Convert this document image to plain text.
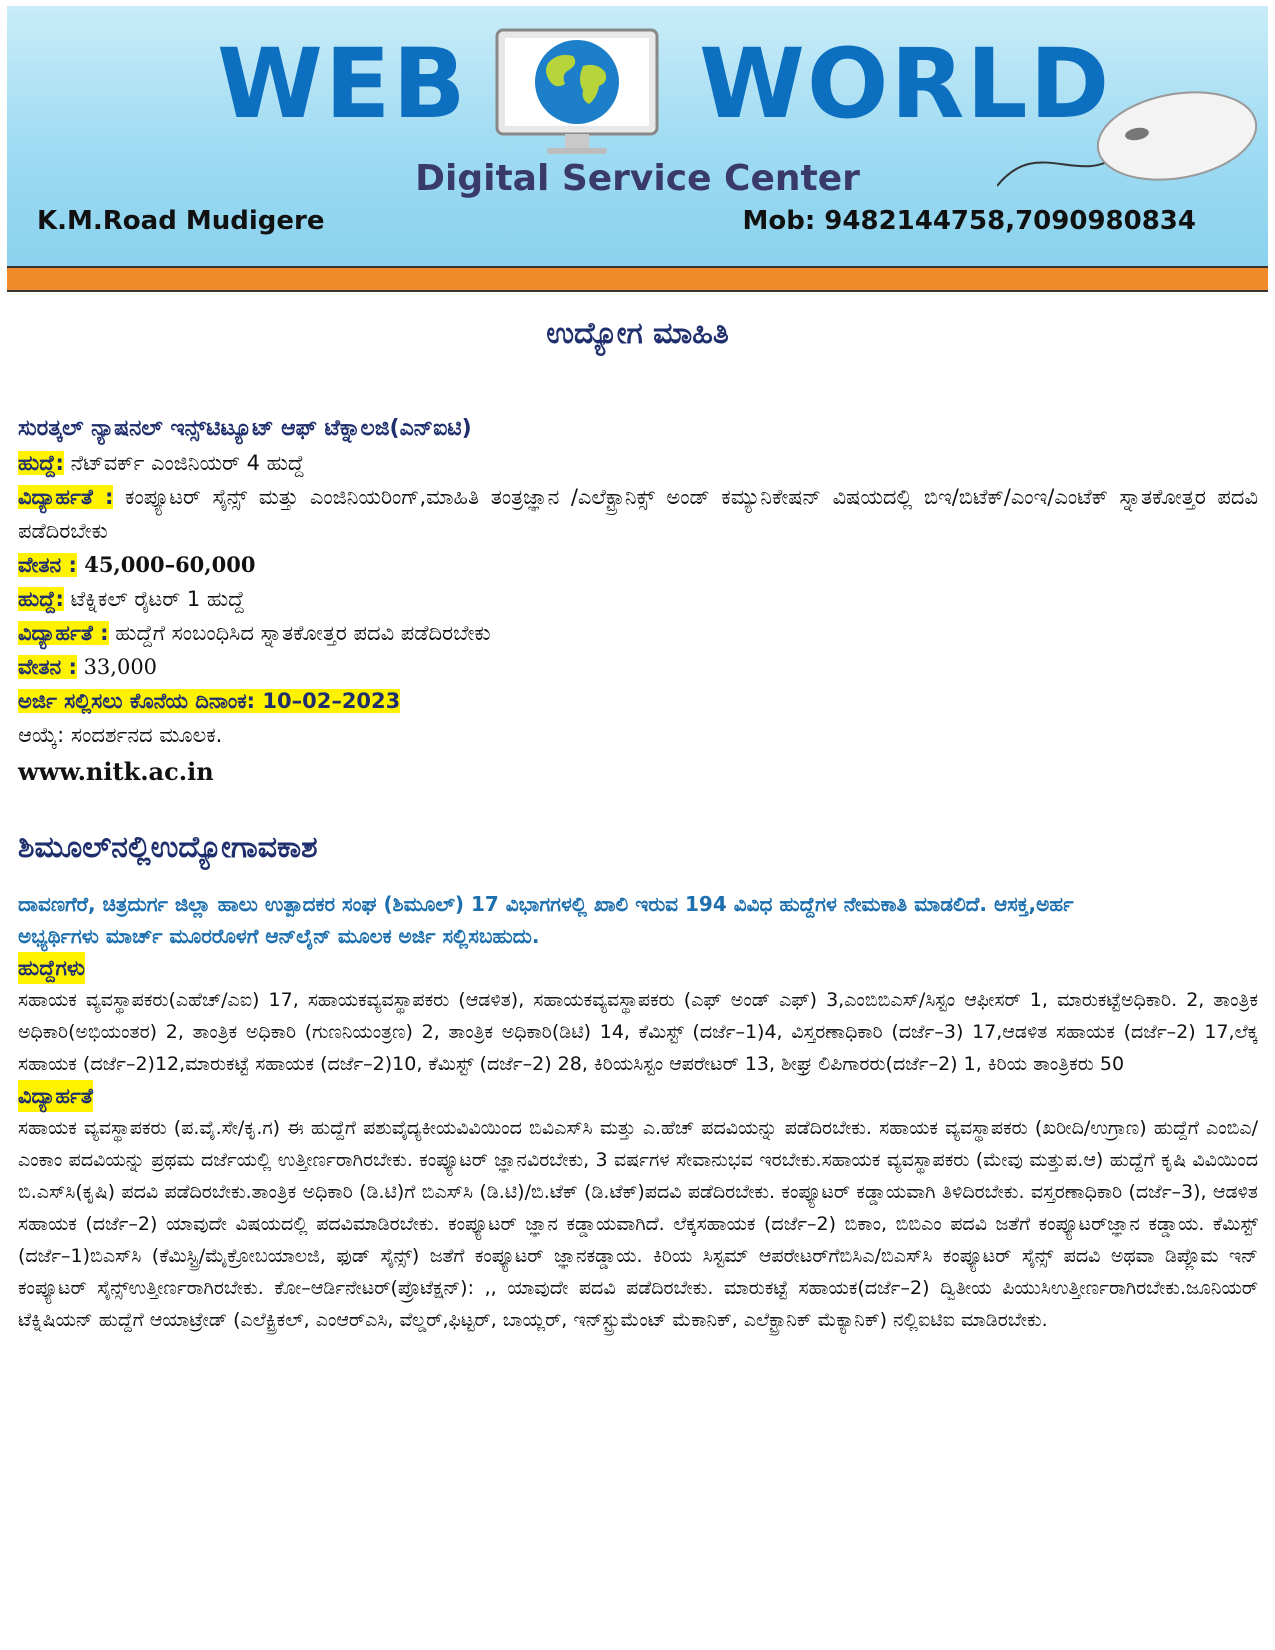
WEB WORLD
Digital Service Center
K.M.Road Mudigere	Mob: 9482144758,7090980834
ಉದ್ಯೋಗ ಮಾಹಿತಿ
ಸುರತ್ಕಲ್ ನ್ಯಾಷನಲ್ ಇನ್ಸ್‌ಟಿಟ್ಯೂಟ್ ಆಫ್ ಟೆಕ್ನಾಲಜಿ(ಎನ್‌ಐಟಿ)
ಹುದ್ದೆ: ನೆಟ್‌ವರ್ಕ್ ಎಂಜಿನಿಯರ್ 4 ಹುದ್ದೆ
ವಿದ್ಯಾರ್ಹತೆ : ಕಂಪ್ಯೂಟರ್ ಸೈನ್ಸ್ ಮತ್ತು ಎಂಜಿನಿಯರಿಂಗ್,ಮಾಹಿತಿ ತಂತ್ರಜ್ಞಾನ /ಎಲೆಕ್ಟ್ರಾನಿಕ್ಸ್ ಅಂಡ್ ಕಮ್ಯುನಿಕೇಷನ್ ವಿಷಯದಲ್ಲಿ ಬಿಇ/ಬಿಟೆಕ್/ಎಂಇ/ಎಂಟೆಕ್ ಸ್ನಾತಕೋತ್ತರ ಪದವಿ ಪಡೆದಿರಬೇಕು
ವೇತನ : 45,000–60,000
ಹುದ್ದೆ: ಟೆಕ್ನಿಕಲ್ ರೈಟರ್ 1 ಹುದ್ದೆ
ವಿದ್ಯಾರ್ಹತೆ : ಹುದ್ದೆಗೆ ಸಂಬಂಧಿಸಿದ ಸ್ನಾತಕೋತ್ತರ ಪದವಿ ಪಡೆದಿರಬೇಕು
ವೇತನ : 33,000
ಅರ್ಜಿ ಸಲ್ಲಿಸಲು ಕೊನೆಯ ದಿನಾಂಕ: 10–02–2023
ಆಯ್ಕೆ: ಸಂದರ್ಶನದ ಮೂಲಕ.
www.nitk.ac.in
ಶಿಮೂಲ್‌ನಲ್ಲಿಉದ್ಯೋಗಾವಕಾಶ
ದಾವಣಗೆರೆ, ಚಿತ್ರದುರ್ಗ ಜಿಲ್ಲಾ ಹಾಲು ಉತ್ಪಾದಕರ ಸಂಘ (ಶಿಮೂಲ್) 17 ವಿಭಾಗಗಳಲ್ಲಿ ಖಾಲಿ ಇರುವ 194 ವಿವಿಧ ಹುದ್ದೆಗಳ ನೇಮಕಾತಿ ಮಾಡಲಿದೆ. ಆಸಕ್ತ,ಅರ್ಹ ಅಭ್ಯರ್ಥಿಗಳು ಮಾರ್ಚ್ ಮೂರರೊಳಗೆ ಆನ್‌ಲೈನ್ ಮೂಲಕ ಅರ್ಜಿ ಸಲ್ಲಿಸಬಹುದು.
ಹುದ್ದೆಗಳು
ಸಹಾಯಕ ವ್ಯವಸ್ಥಾಪಕರು(ಎಹೆಚ್/ಎಐ) 17, ಸಹಾಯಕವ್ಯವಸ್ಥಾಪಕರು (ಆಡಳಿತ), ಸಹಾಯಕವ್ಯವಸ್ಥಾಪಕರು (ಎಫ್ ಅಂಡ್ ಎಫ್) 3,ಎಂಬಿಬಿಎಸ್/ಸಿಸ್ಟಂ ಆಫೀಸರ್ 1, ಮಾರುಕಟ್ಟೆಅಧಿಕಾರಿ. 2, ತಾಂತ್ರಿಕ ಅಧಿಕಾರಿ(ಅಭಿಯಂತರ) 2, ತಾಂತ್ರಿಕ ಅಧಿಕಾರಿ (ಗುಣನಿಯಂತ್ರಣ) 2, ತಾಂತ್ರಿಕ ಅಧಿಕಾರಿ(ಡಿಟಿ) 14, ಕೆಮಿಸ್ಟ್ (ದರ್ಜೆ–1)4, ವಿಸ್ತರಣಾಧಿಕಾರಿ (ದರ್ಜೆ–3) 17,ಆಡಳಿತ ಸಹಾಯಕ (ದರ್ಜೆ–2) 17,ಲೆಕ್ಕ ಸಹಾಯಕ (ದರ್ಜೆ–2)12,ಮಾರುಕಟ್ಟೆ ಸಹಾಯಕ (ದರ್ಜೆ–2)10, ಕೆಮಿಸ್ಟ್ (ದರ್ಜೆ–2) 28, ಕಿರಿಯಸಿಸ್ಟಂ ಆಪರೇಟರ್ 13, ಶೀಘ್ರ ಲಿಪಿಗಾರರು(ದರ್ಜೆ–2) 1, ಕಿರಿಯ ತಾಂತ್ರಿಕರು 50
ವಿದ್ಯಾರ್ಹತೆ
ಸಹಾಯಕ ವ್ಯವಸ್ಥಾಪಕರು (ಪ.ವೈ.ಸೇ/ಕೃ.ಗ) ಈ ಹುದ್ದೆಗೆ ಪಶುವೈದ್ಯಕೀಯವಿವಿಯಿಂದ ಬಿವಿಎಸ್‌ಸಿ ಮತ್ತು ಎ.ಹೆಚ್ ಪದವಿಯನ್ನು ಪಡೆದಿರಬೇಕು. ಸಹಾಯಕ ವ್ಯವಸ್ಥಾಪಕರು (ಖರೀದಿ/ಉಗ್ರಾಣ) ಹುದ್ದೆಗೆ ಎಂಬಿಎ/ಎಂಕಾಂ ಪದವಿಯನ್ನು ಪ್ರಥಮ ದರ್ಜೆಯಲ್ಲಿ ಉತ್ತೀರ್ಣರಾಗಿರಬೇಕು. ಕಂಪ್ಯೂಟರ್ ಜ್ಞಾನವಿರಬೇಕು, 3 ವರ್ಷಗಳ ಸೇವಾನುಭವ ಇರಬೇಕು.ಸಹಾಯಕ ವ್ಯವಸ್ಥಾಪಕರು (ಮೇವು ಮತ್ತುಪ.ಆ) ಹುದ್ದೆಗೆ ಕೃಷಿ ವಿವಿಯಿಂದ ಬಿ.ಎಸ್‌ಸಿ(ಕೃಷಿ) ಪದವಿ ಪಡೆದಿರಬೇಕು.ತಾಂತ್ರಿಕ ಅಧಿಕಾರಿ (ಡಿ.ಟಿ)ಗೆ ಬಿಎಸ್‌ಸಿ (ಡಿ.ಟಿ)/ಬಿ.ಟೆಕ್ (ಡಿ.ಟೆಕ್)ಪದವಿ ಪಡೆದಿರಬೇಕು. ಕಂಪ್ಯೂಟರ್ ಕಡ್ಡಾಯವಾಗಿ ತಿಳಿದಿರಬೇಕು. ವಸ್ತರಣಾಧಿಕಾರಿ (ದರ್ಜೆ–3), ಆಡಳಿತ ಸಹಾಯಕ (ದರ್ಜೆ–2) ಯಾವುದೇ ವಿಷಯದಲ್ಲಿ ಪದವಿಮಾಡಿರಬೇಕು. ಕಂಪ್ಯೂಟರ್ ಜ್ಞಾನ ಕಡ್ಡಾಯವಾಗಿದೆ. ಲೆಕ್ಕಸಹಾಯಕ (ದರ್ಜೆ–2) ಬಿಕಾಂ, ಬಿಬಿಎಂ ಪದವಿ ಜತೆಗೆ ಕಂಪ್ಯೂಟರ್‌ಜ್ಞಾನ ಕಡ್ಡಾಯ. ಕೆಮಿಸ್ಟ್ (ದರ್ಜೆ–1)ಬಿಎಸ್‌ಸಿ (ಕೆಮಿಸ್ಟ್ರಿ/ಮೈಕ್ರೋಬಯಾಲಜಿ, ಫುಡ್ ಸೈನ್ಸ್) ಜತೆಗೆ ಕಂಪ್ಯೂಟರ್ ಜ್ಞಾನಕಡ್ಡಾಯ. ಕಿರಿಯ ಸಿಸ್ಟಮ್ ಆಪರೇಟರ್‌ಗೆಬಿಸಿಎ/ಬಿಎಸ್‌ಸಿ ಕಂಪ್ಯೂಟರ್ ಸೈನ್ಸ್ ಪದವಿ ಅಥವಾ ಡಿಪ್ಲೊಮ ಇನ್ ಕಂಪ್ಯೂಟರ್ ಸೈನ್ಸ್‌ಉತ್ತೀರ್ಣರಾಗಿರಬೇಕು. ಕೋ–ಆರ್ಡಿನೇಟರ್(ಪ್ರೊಟೆಕ್ಷನ್): ,, ಯಾವುದೇ ಪದವಿ ಪಡೆದಿರಬೇಕು. ಮಾರುಕಟ್ಟೆ ಸಹಾಯಕ(ದರ್ಜೆ–2) ದ್ವಿತೀಯ ಪಿಯುಸಿಉತ್ತೀರ್ಣರಾಗಿರಬೇಕು.ಜೂನಿಯರ್ ಟೆಕ್ನಿಷಿಯನ್ ಹುದ್ದೆಗೆ ಆಯಾಟ್ರೇಡ್ (ಎಲೆಕ್ಟ್ರಿಕಲ್, ಎಂಆರ್‌ಎಸಿ, ವೆಲ್ಡರ್,ಫಿಟ್ಟರ್, ಬಾಯ್ಲರ್, ಇನ್‌ಸ್ಟ್ರುಮೆಂಟ್ ಮೆಕಾನಿಕ್, ಎಲೆಕ್ಟ್ರಾನಿಕ್ ಮೆಕ್ಯಾನಿಕ್) ನಲ್ಲಿಐಟಿಐ ಮಾಡಿರಬೇಕು.
